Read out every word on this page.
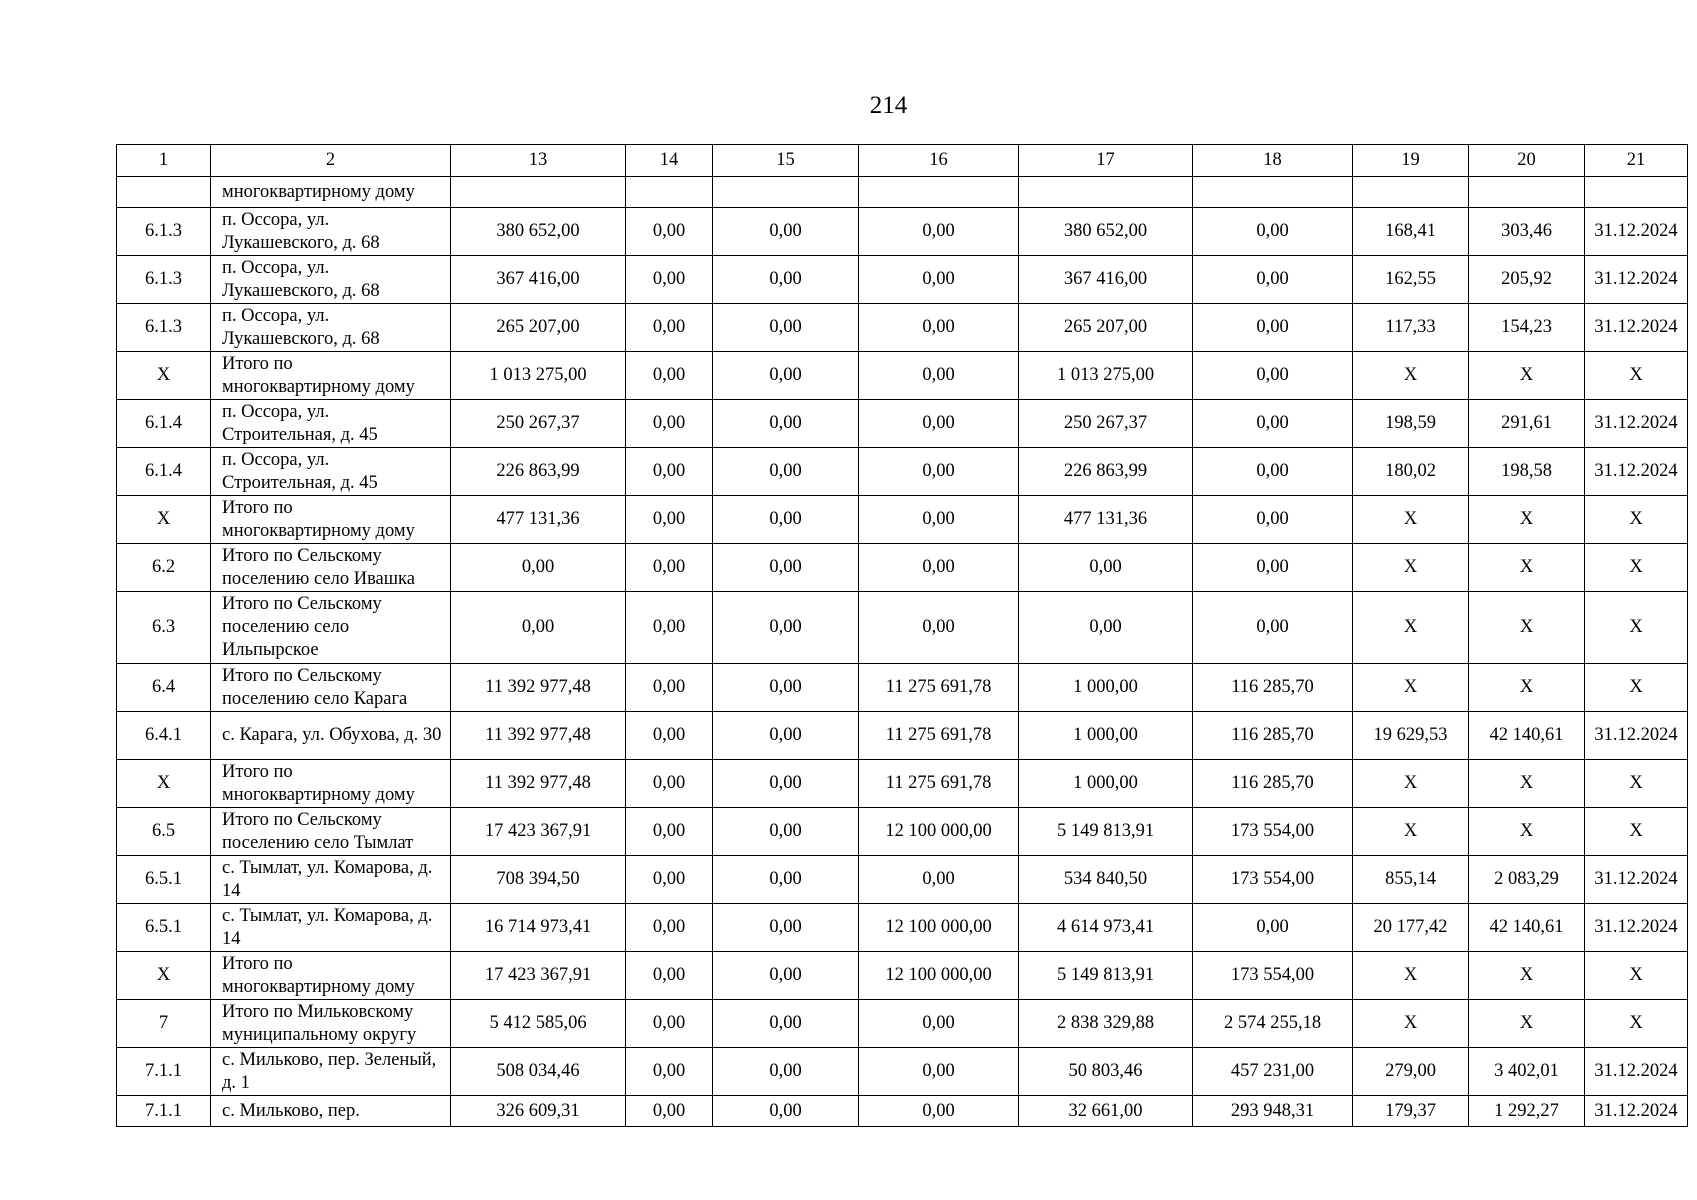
214
1	2	13	14	15	16	17	18	19	20	21
	многоквартирному дому									
6.1.3	п. Оссора, ул. Лукашевского, д. 68	380 652,00	0,00	0,00	0,00	380 652,00	0,00	168,41	303,46	31.12.2024
6.1.3	п. Оссора, ул. Лукашевского, д. 68	367 416,00	0,00	0,00	0,00	367 416,00	0,00	162,55	205,92	31.12.2024
6.1.3	п. Оссора, ул. Лукашевского, д. 68	265 207,00	0,00	0,00	0,00	265 207,00	0,00	117,33	154,23	31.12.2024
X	Итого по многоквартирному дому	1 013 275,00	0,00	0,00	0,00	1 013 275,00	0,00	X	X	X
6.1.4	п. Оссора, ул. Строительная, д. 45	250 267,37	0,00	0,00	0,00	250 267,37	0,00	198,59	291,61	31.12.2024
6.1.4	п. Оссора, ул. Строительная, д. 45	226 863,99	0,00	0,00	0,00	226 863,99	0,00	180,02	198,58	31.12.2024
X	Итого по многоквартирному дому	477 131,36	0,00	0,00	0,00	477 131,36	0,00	X	X	X
6.2	Итого по Сельскому поселению село Ивашка	0,00	0,00	0,00	0,00	0,00	0,00	X	X	X
6.3	Итого по Сельскому поселению село Ильпырское	0,00	0,00	0,00	0,00	0,00	0,00	X	X	X
6.4	Итого по Сельскому поселению село Карага	11 392 977,48	0,00	0,00	11 275 691,78	1 000,00	116 285,70	X	X	X
6.4.1	с. Карага, ул. Обухова, д. 30	11 392 977,48	0,00	0,00	11 275 691,78	1 000,00	116 285,70	19 629,53	42 140,61	31.12.2024
X	Итого по многоквартирному дому	11 392 977,48	0,00	0,00	11 275 691,78	1 000,00	116 285,70	X	X	X
6.5	Итого по Сельскому поселению село Тымлат	17 423 367,91	0,00	0,00	12 100 000,00	5 149 813,91	173 554,00	X	X	X
6.5.1	с. Тымлат, ул. Комарова, д. 14	708 394,50	0,00	0,00	0,00	534 840,50	173 554,00	855,14	2 083,29	31.12.2024
6.5.1	с. Тымлат, ул. Комарова, д. 14	16 714 973,41	0,00	0,00	12 100 000,00	4 614 973,41	0,00	20 177,42	42 140,61	31.12.2024
X	Итого по многоквартирному дому	17 423 367,91	0,00	0,00	12 100 000,00	5 149 813,91	173 554,00	X	X	X
7	Итого по Мильковскому муниципальному округу	5 412 585,06	0,00	0,00	0,00	2 838 329,88	2 574 255,18	X	X	X
7.1.1	с. Мильково, пер. Зеленый, д. 1	508 034,46	0,00	0,00	0,00	50 803,46	457 231,00	279,00	3 402,01	31.12.2024
7.1.1	с. Мильково, пер.	326 609,31	0,00	0,00	0,00	32 661,00	293 948,31	179,37	1 292,27	31.12.2024
